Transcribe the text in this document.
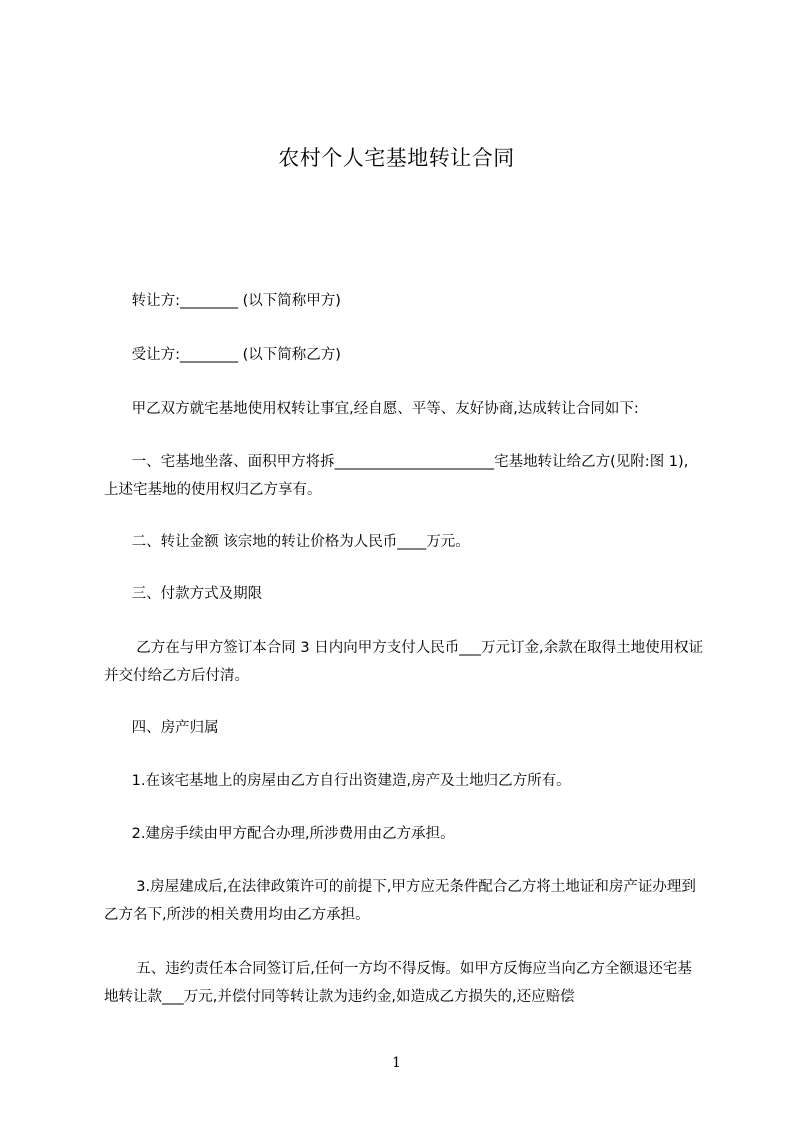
农村个人宅基地转让合同
转让方:________ (以下简称甲方)
受让方:________ (以下简称乙方)
甲乙双方就宅基地使用权转让事宜,经自愿、平等、友好协商,达成转让合同如下:
一、宅基地坐落、面积甲方将拆______________________宅基地转让给乙方(见附:图 1), 上述宅基地的使用权归乙方享有。
二、转让金额 该宗地的转让价格为人民币____万元。
三、付款方式及期限
乙方在与甲方签订本合同 3 日内向甲方支付人民币___万元订金,余款在取得土地使用权证并交付给乙方后付清。
四、房产归属
1.在该宅基地上的房屋由乙方自行出资建造,房产及土地归乙方所有。
2.建房手续由甲方配合办理,所涉费用由乙方承担。
3.房屋建成后,在法律政策许可的前提下,甲方应无条件配合乙方将土地证和房产证办理到乙方名下,所涉的相关费用均由乙方承担。
五、违约责任本合同签订后,任何一方均不得反悔。如甲方反悔应当向乙方全额退还宅基地转让款___万元,并偿付同等转让款为违约金,如造成乙方损失的,还应赔偿
1
